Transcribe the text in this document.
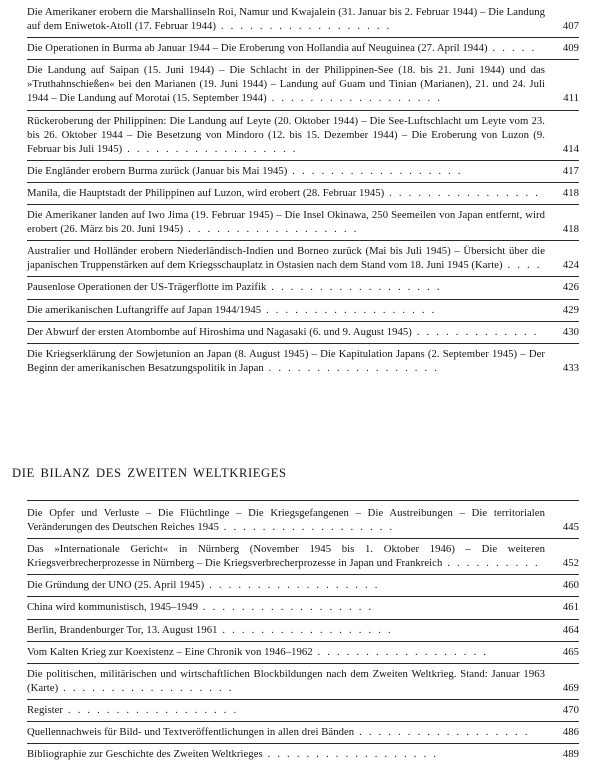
Die Amerikaner erobern die Marshallinseln Roi, Namur und Kwajalein (31. Januar bis 2. Februar 1944) – Die Landung auf dem Eniwetok-Atoll (17. Februar 1944) . . . . . . . . . . . . . . . . . .	407
Die Operationen in Burma ab Januar 1944 – Die Eroberung von Hollandia auf Neuguinea (27. April 1944) . . . . .	409
Die Landung auf Saipan (15. Juni 1944) – Die Schlacht in der Philippinen-See (18. bis 21. Juni 1944) und das »Truthahnschießen« bei den Marianen (19. Juni 1944) – Landung auf Guam und Tinian (Marianen), 21. und 24. Juli 1944 – Die Landung auf Morotai (15. September 1944) . . . . . . . . . . . . . . . . . .	411
Rückeroberung der Philippinen: Die Landung auf Leyte (20. Oktober 1944) – Die See-Luftschlacht um Leyte vom 23. bis 26. Oktober 1944 – Die Besetzung von Mindoro (12. bis 15. Dezember 1944) – Die Eroberung von Luzon (9. Februar bis Juli 1945) . . . . . . . . . . . . . . . . . .	414
Die Engländer erobern Burma zurück (Januar bis Mai 1945) . . . . . . . . . . . . . . . . . .	417
Manila, die Hauptstadt der Philippinen auf Luzon, wird erobert (28. Februar 1945) . . . . . . . . . . . . . . . .	418
Die Amerikaner landen auf Iwo Jima (19. Februar 1945) – Die Insel Okinawa, 250 Seemeilen von Japan entfernt, wird erobert (26. März bis 20. Juni 1945) . . . . . . . . . . . . . . . . . .	418
Australier und Holländer erobern Niederländisch-Indien und Borneo zurück (Mai bis Juli 1945) – Übersicht über die japanischen Truppenstärken auf dem Kriegsschauplatz in Ostasien nach dem Stand vom 18. Juni 1945 (Karte) . . . .	424
Pausenlose Operationen der US-Trägerflotte im Pazifik . . . . . . . . . . . . . . . . . .	426
Die amerikanischen Luftangriffe auf Japan 1944/1945 . . . . . . . . . . . . . . . . . .	429
Der Abwurf der ersten Atombombe auf Hiroshima und Nagasaki (6. und 9. August 1945) . . . . . . . . . . . . .	430
Die Kriegserklärung der Sowjetunion an Japan (8. August 1945) – Die Kapitulation Japans (2. September 1945) – Der Beginn der amerikanischen Besatzungspolitik in Japan . . . . . . . . . . . . . . . . . .	433
DIE BILANZ DES ZWEITEN WELTKRIEGES
Die Opfer und Verluste – Die Flüchtlinge – Die Kriegsgefangenen – Die Austreibungen – Die territorialen Veränderungen des Deutschen Reiches 1945 . . . . . . . . . . . . . . . . . .	445
Das »Internationale Gericht« in Nürnberg (November 1945 bis 1. Oktober 1946) – Die weiteren Kriegsverbrecherprozesse in Nürnberg – Die Kriegsverbrecherprozesse in Japan und Frankreich . . . . . . . . . .	452
Die Gründung der UNO (25. April 1945) . . . . . . . . . . . . . . . . . .	460
China wird kommunistisch, 1945–1949 . . . . . . . . . . . . . . . . . .	461
Berlin, Brandenburger Tor, 13. August 1961 . . . . . . . . . . . . . . . . . .	464
Vom Kalten Krieg zur Koexistenz – Eine Chronik von 1946–1962 . . . . . . . . . . . . . . . . . .	465
Die politischen, militärischen und wirtschaftlichen Blockbildungen nach dem Zweiten Weltkrieg. Stand: Januar 1963 (Karte) . . . . . . . . . . . . . . . . . .	469
Register . . . . . . . . . . . . . . . . . .	470
Quellennachweis für Bild- und Textveröffentlichungen in allen drei Bänden . . . . . . . . . . . . . . . . . .	486
Bibliographie zur Geschichte des Zweiten Weltkrieges . . . . . . . . . . . . . . . . . .	489
